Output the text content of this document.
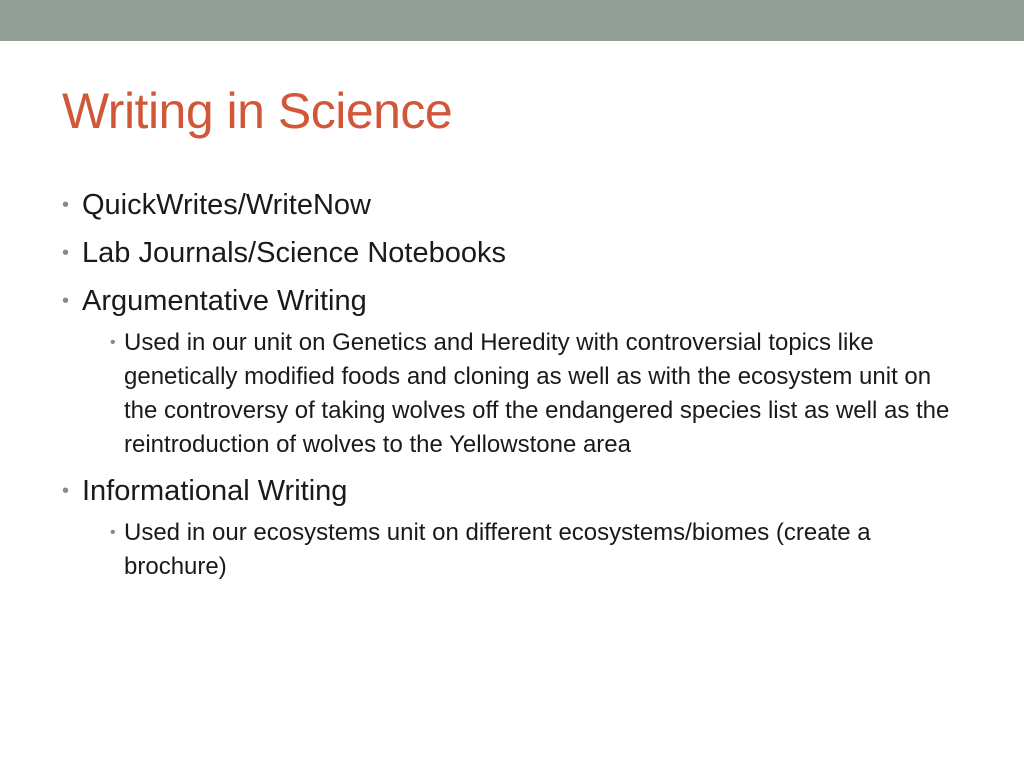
Writing in Science
• QuickWrites/WriteNow
• Lab Journals/Science Notebooks
• Argumentative Writing
• Used in our unit on Genetics and Heredity with controversial topics like genetically modified foods and cloning as well as with the ecosystem unit on the controversy of taking wolves off the endangered species list as well as the reintroduction of wolves to the Yellowstone area
• Informational Writing
• Used in our ecosystems unit on different ecosystems/biomes (create a brochure)
